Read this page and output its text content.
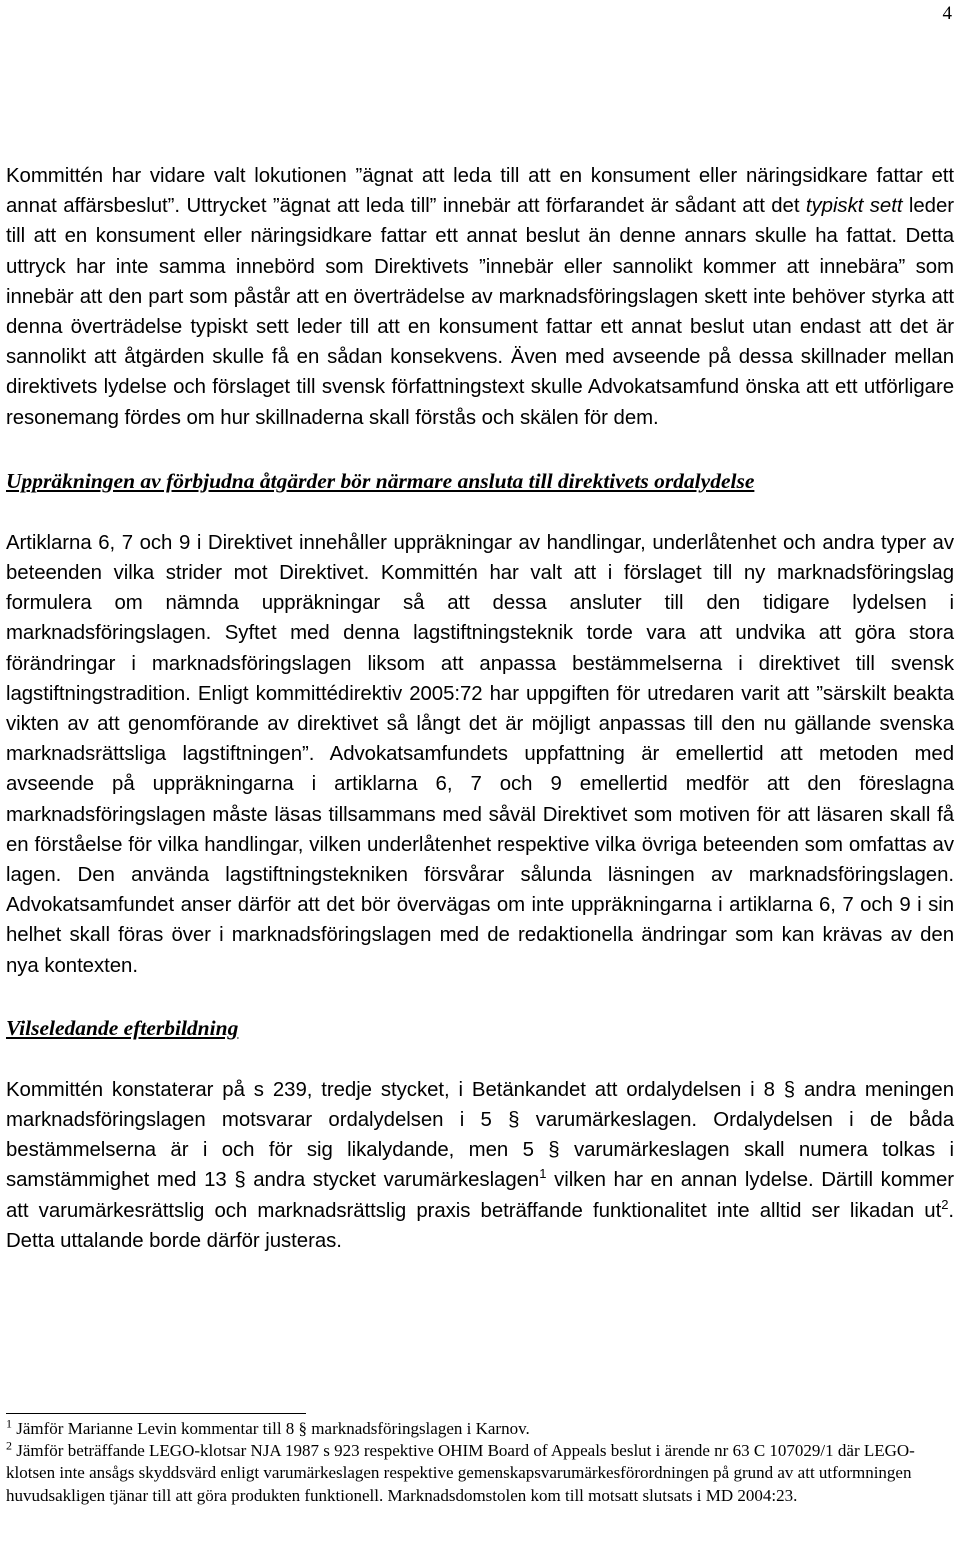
4

Kommittén har vidare valt lokutionen ”ägnat att leda till att en konsument eller näringsidkare fattar ett annat affärsbeslut”. Uttrycket ”ägnat att leda till” innebär att förfarandet är sådant att det typiskt sett leder till att en konsument eller näringsidkare fattar ett annat beslut än denne annars skulle ha fattat. Detta uttryck har inte samma innebörd som Direktivets ”innebär eller sannolikt kommer att innebära” som innebär att den part som påstår att en överträdelse av marknadsföringslagen skett inte behöver styrka att denna överträdelse typiskt sett leder till att en konsument fattar ett annat beslut utan endast att det är sannolikt att åtgärden skulle få en sådan konsekvens. Även med avseende på dessa skillnader mellan direktivets lydelse och förslaget till svensk författningstext skulle Advokatsamfund önska att ett utförligare resonemang fördes om hur skillnaderna skall förstås och skälen för dem.

Uppräkningen av förbjudna åtgärder bör närmare ansluta till direktivets ordalydelse

Artiklarna 6, 7 och 9 i Direktivet innehåller uppräkningar av handlingar, underlåtenhet och andra typer av beteenden vilka strider mot Direktivet. Kommittén har valt att i förslaget till ny marknadsföringslag formulera om nämnda uppräkningar så att dessa ansluter till den tidigare lydelsen i marknadsföringslagen. Syftet med denna lagstiftningsteknik torde vara att undvika att göra stora förändringar i marknadsföringslagen liksom att anpassa bestämmelserna i direktivet till svensk lagstiftningstradition. Enligt kommittédirektiv 2005:72 har uppgiften för utredaren varit att ”särskilt beakta vikten av att genomförande av direktivet så långt det är möjligt anpassas till den nu gällande svenska marknadsrättsliga lagstiftningen”. Advokatsamfundets uppfattning är emellertid att metoden med avseende på uppräkningarna i artiklarna 6, 7 och 9 emellertid medför att den föreslagna marknadsföringslagen måste läsas tillsammans med såväl Direktivet som motiven för att läsaren skall få en förståelse för vilka handlingar, vilken underlåtenhet respektive vilka övriga beteenden som omfattas av lagen. Den använda lagstiftningstekniken försvårar sålunda läsningen av marknadsföringslagen. Advokatsamfundet anser därför att det bör övervägas om inte uppräkningarna i artiklarna 6, 7 och 9 i sin helhet skall föras över i marknadsföringslagen med de redaktionella ändringar som kan krävas av den nya kontexten.

Vilseledande efterbildning

Kommittén konstaterar på s 239, tredje stycket, i Betänkandet att ordalydelsen i 8 § andra meningen marknadsföringslagen motsvarar ordalydelsen i 5 § varumärkeslagen. Ordalydelsen i de båda bestämmelserna är i och för sig likalydande, men 5 § varumärkeslagen skall numera tolkas i samstämmighet med 13 § andra stycket varumärkeslagen$^1$ vilken har en annan lydelse. Därtill kommer att varumärkesrättslig och marknadsrättslig praxis beträffande funktionalitet inte alltid ser likadan $ut^2$. Detta uttalande borde därför justeras.

$^1$ Jämför Marianne Levin kommentar till 8 § marknadsföringslagen i Karnov.

$^2$ Jämför beträffande LEGO-klotsar NJA 1987 s 923 respektive OHIM Board of Appeals beslut i ärende nr 63 C 107029/1 där LEGO-klotsen inte ansågs skyddsvärd enligt varumärkeslagen respektive gemenskapsvarumärkesförordningen på grund av att utformningen huvudsakligen tjänar till att göra produkten funktionell. Marknadsdomstolen kom till motsatt slutsats i MD 2004:23.
